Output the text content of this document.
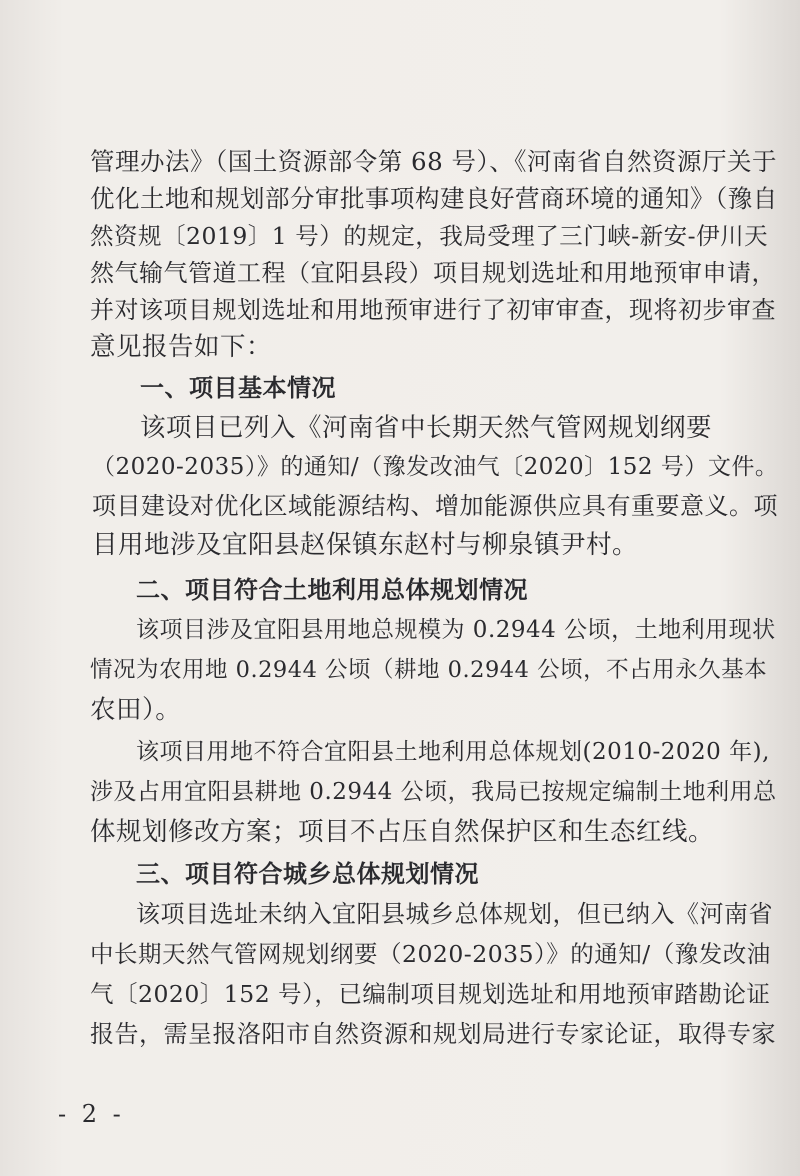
管理办法》（国土资源部令第 68 号）、《河南省自然资源厅关于
优化土地和规划部分审批事项构建良好营商环境的通知》（豫自
然资规〔2019〕1 号）的规定，我局受理了三门峡-新安-伊川天
然气输气管道工程（宜阳县段）项目规划选址和用地预审申请，
并对该项目规划选址和用地预审进行了初审审查，现将初步审查
意见报告如下：
一、项目基本情况
该项目已列入《河南省中长期天然气管网规划纲要
（2020-2035）》的通知/（豫发改油气〔2020〕152 号）文件。
项目建设对优化区域能源结构、增加能源供应具有重要意义。项
目用地涉及宜阳县赵保镇东赵村与柳泉镇尹村。
二、项目符合土地利用总体规划情况
该项目涉及宜阳县用地总规模为 0.2944 公顷，土地利用现状
情况为农用地 0.2944 公顷（耕地 0.2944 公顷，不占用永久基本
农田）。
该项目用地不符合宜阳县土地利用总体规划(2010-2020 年),
涉及占用宜阳县耕地 0.2944 公顷，我局已按规定编制土地利用总
体规划修改方案；项目不占压自然保护区和生态红线。
三、项目符合城乡总体规划情况
该项目选址未纳入宜阳县城乡总体规划，但已纳入《河南省
中长期天然气管网规划纲要（2020-2035）》的通知/（豫发改油
气〔2020〕152 号），已编制项目规划选址和用地预审踏勘论证
报告，需呈报洛阳市自然资源和规划局进行专家论证，取得专家
- 2 -
